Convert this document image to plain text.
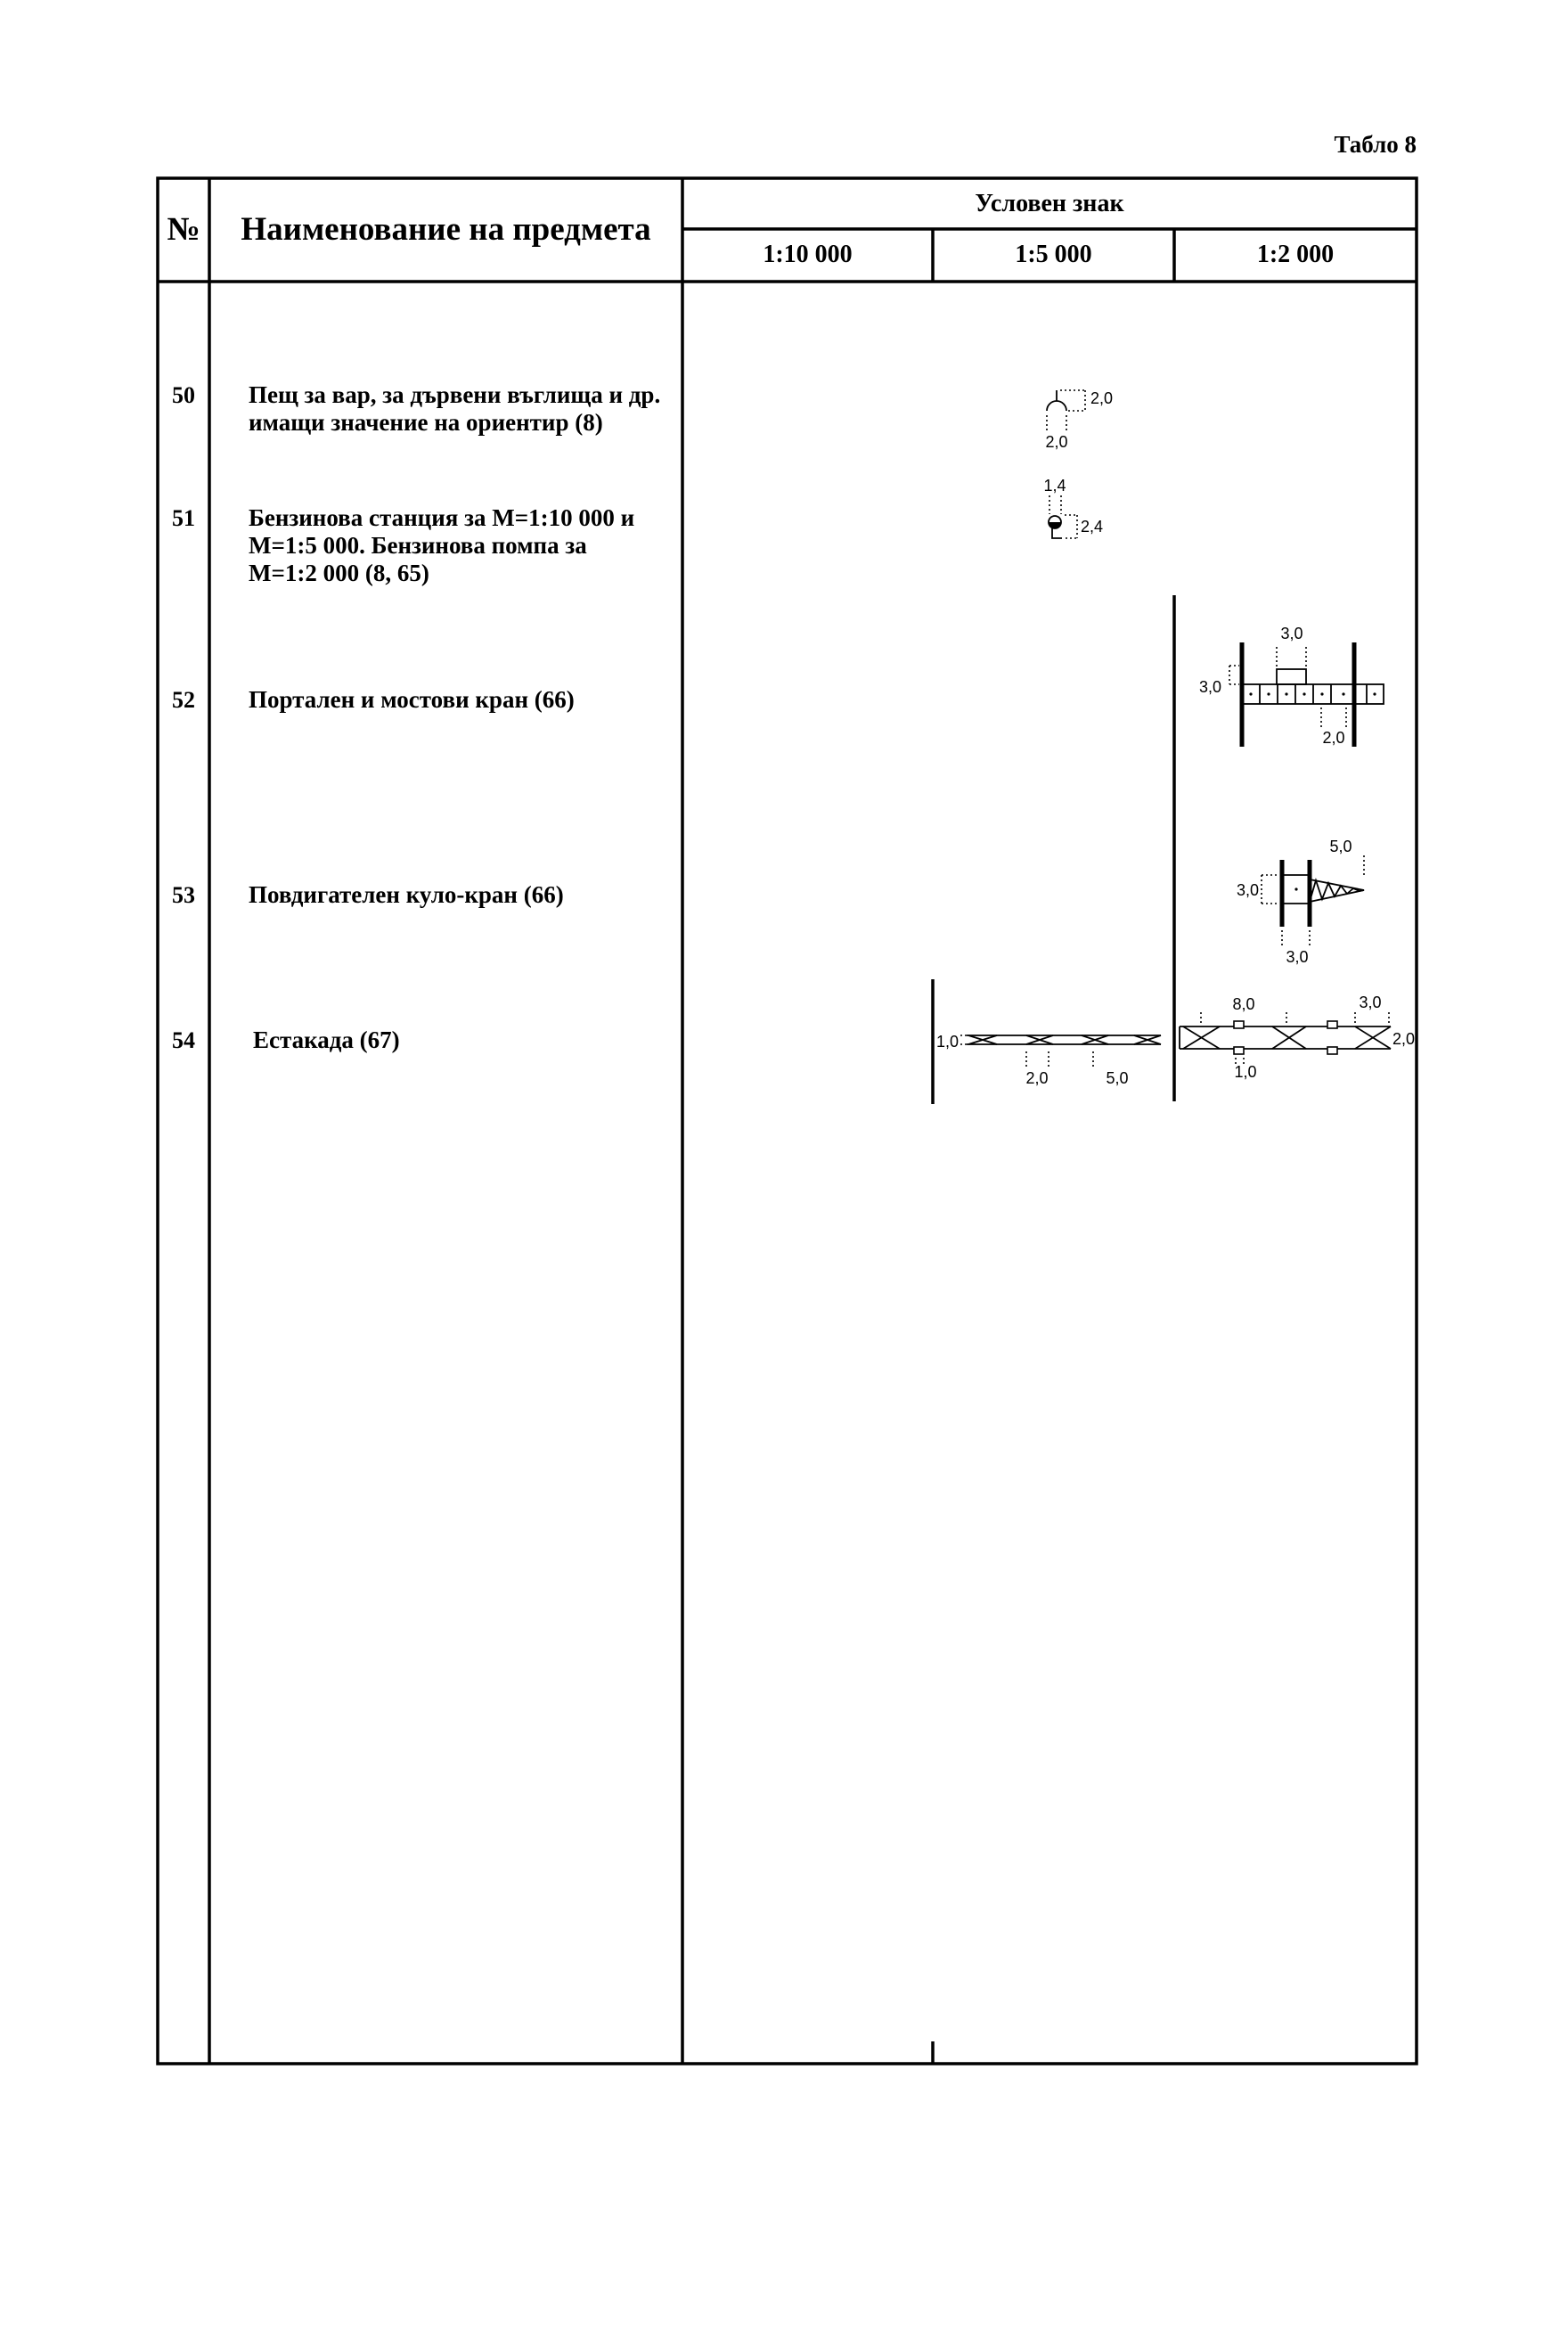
2,0
2,0
1,4
2,4
3,0
3,0
2,0
5,0
3,0
3,0
1,0
2,0	5,0
8,0	3,0
2,0
1,0
Табло 8
№	Наименование на предмета
Условен знак
1:10 000	1:5 000	1:2 000
50	Пещ за вар, за дървени въглища и др.
имащи значение на ориентир (8)
51	Бензинова станция за М=1:10 000 и
М=1:5 000. Бензинова помпа за
М=1:2 000 (8, 65)
52	Портален и мостови кран (66)
53	Повдигателен куло-кран (66)
54	Естакада (67)
